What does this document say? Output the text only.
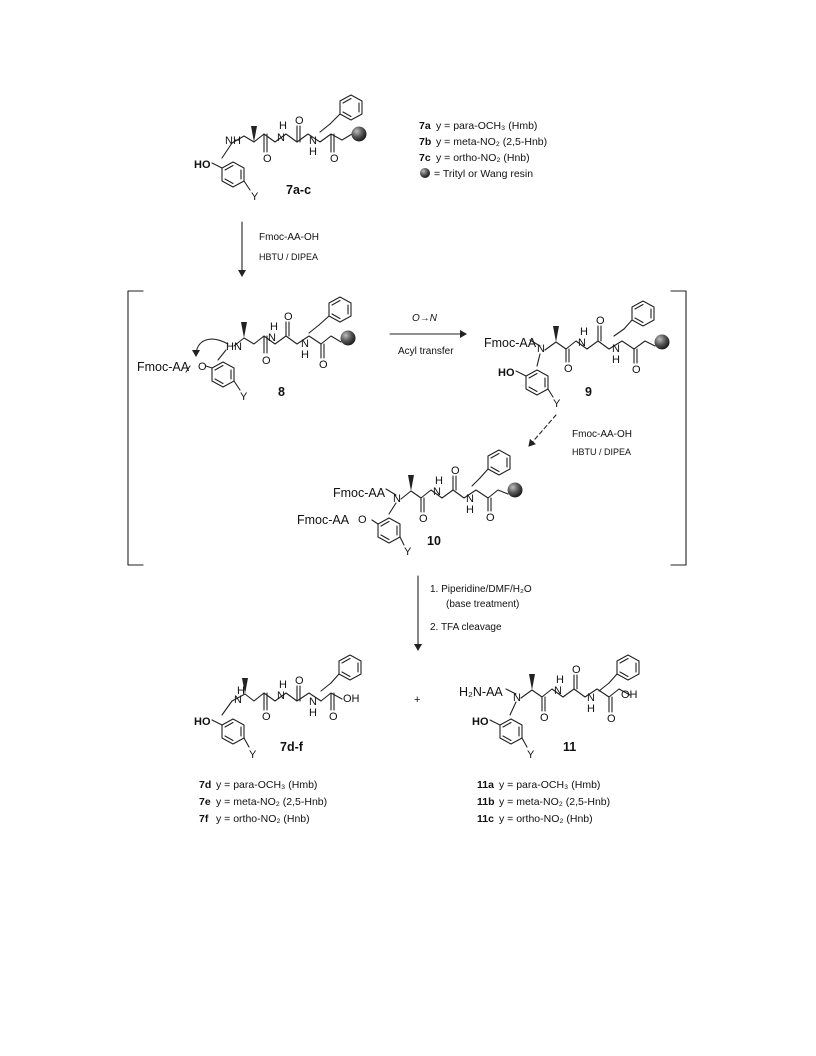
NH
O
H
N
O
N
H
O
HO
Y 7a-c
7a y = para-OCH₃ (Hmb)
7b y = meta-NO₂ (2,5-Hnb)
7c y = ortho-NO₂ (Hnb)
= Trityl or Wang resin
Fmoc-AA-OH
HBTU / DIPEA
HN
O
H
N
O
N
H
O
Fmoc-AA O
Y 8
O→N
Acyl transfer
Fmoc-AA N
O
H
N
O
N
H
O
HO
Y
9
Fmoc-AA-OH
HBTU / DIPEA
Fmoc-AA N
O
H
N
O
N
H
O
Fmoc-AA O
Y
10
1. Piperidine/DMF/H₂O
(base treatment)
2. TFA cleavage
H
N
O
H
N
O
N
H
OH
O
HO
Y
7d-f
+
H₂N-AA N
O
H
N
O
N
H
OH
O
HO
Y
11
7d y = para-OCH₃ (Hmb)
7e y = meta-NO₂ (2,5-Hnb)
7f y = ortho-NO₂ (Hnb)
11a y = para-OCH₃ (Hmb)
11b y = meta-NO₂ (2,5-Hnb)
11c y = ortho-NO₂ (Hnb)
